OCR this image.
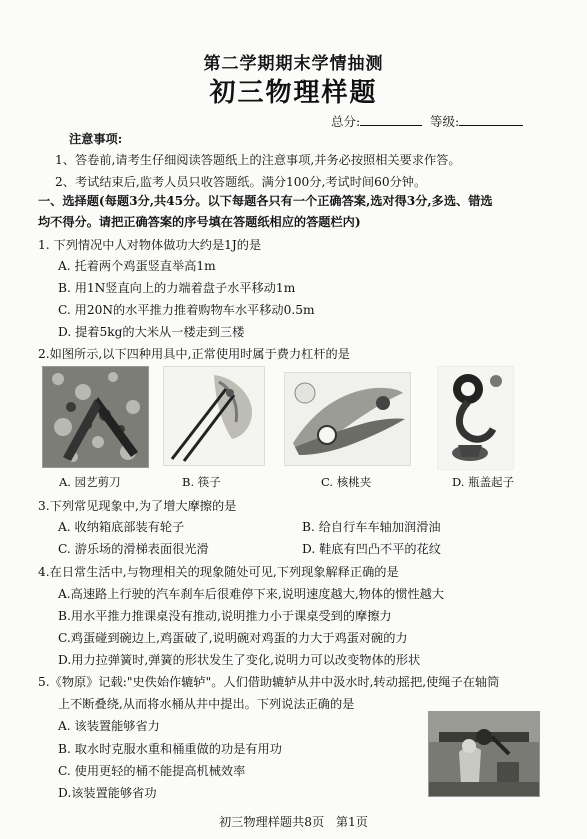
第二学期期末学情抽测
初三物理样题
总分:	等级:
注意事项:
1、答卷前,请考生仔细阅读答题纸上的注意事项,并务必按照相关要求作答。
2、考试结束后,监考人员只收答题纸。满分100分,考试时间60分钟。
一、选择题(每题3分,共45分。以下每题各只有一个正确答案,选对得3分,多选、错选
均不得分。请把正确答案的序号填在答题纸相应的答题栏内)
1. 下列情况中人对物体做功大约是1J的是
A. 托着两个鸡蛋竖直举高1m
B. 用1N竖直向上的力端着盘子水平移动1m
C. 用20N的水平推力推着购物车水平移动0.5m
D. 提着5kg的大米从一楼走到三楼
2.如图所示,以下四种用具中,正常使用时属于费力杠杆的是
A. 园艺剪刀	B. 筷子	C. 核桃夹	D. 瓶盖起子
3.下列常见现象中,为了增大摩擦的是
A. 收纳箱底部装有轮子	B. 给自行车车轴加润滑油
C. 游乐场的滑梯表面很光滑	D. 鞋底有凹凸不平的花纹
4.在日常生活中,与物理相关的现象随处可见,下列现象解释正确的是
A.高速路上行驶的汽车刹车后很难停下来,说明速度越大,物体的惯性越大
B.用水平推力推课桌没有推动,说明推力小于课桌受到的摩擦力
C.鸡蛋碰到碗边上,鸡蛋破了,说明碗对鸡蛋的力大于鸡蛋对碗的力
D.用力拉弹簧时,弹簧的形状发生了变化,说明力可以改变物体的形状
5.《物原》记载:"史佚始作辘轳"。人们借助辘轳从井中汲水时,转动摇把,使绳子在轴筒
上不断叠绕,从而将水桶从井中提出。下列说法正确的是
A. 该装置能够省力
B. 取水时克服水重和桶重做的功是有用功
C. 使用更轻的桶不能提高机械效率
D.该装置能够省功
初三物理样题共8页   第1页
